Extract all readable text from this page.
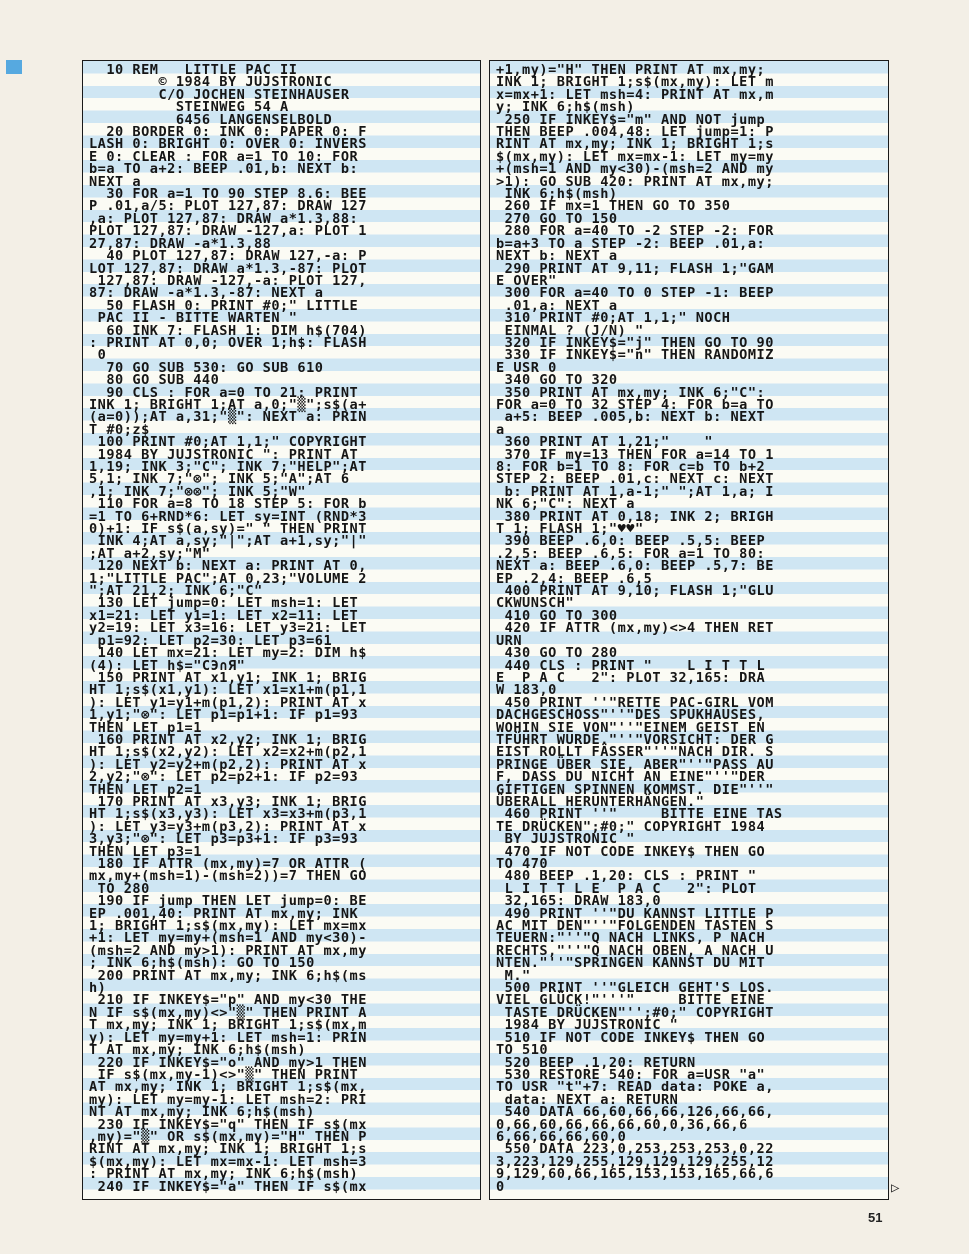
10 REM   LITTLE PAC II
© 1984 BY JUJSTRONIC
C/O JOCHEN STEINHAUSER
STEINWEG 54 A
6456 LANGENSELBOLD
20 BORDER 0: INK 0: PAPER 0: F
LASH 0: BRIGHT 0: OVER 0: INVERS
E 0: CLEAR : FOR a=1 TO 10: FOR
b=a TO a+2: BEEP .01,b: NEXT b:
NEXT a
30 FOR a=1 TO 90 STEP 8.6: BEE
P .01,a/5: PLOT 127,87: DRAW 127
,a: PLOT 127,87: DRAW a*1.3,88:
PLOT 127,87: DRAW -127,a: PLOT 1
27,87: DRAW -a*1.3,88
40 PLOT 127,87: DRAW 127,-a: P
LOT 127,87: DRAW a*1.3,-87: PLOT
127,87: DRAW -127,-a: PLOT 127,
87: DRAW -a*1.3,-87: NEXT a
50 FLASH 0: PRINT #0;" LITTLE
PAC II - BITTE WARTEN "
60 INK 7: FLASH 1: DIM h$(704)
: PRINT AT 0,0; OVER 1;h$: FLASH
0
70 GO SUB 530: GO SUB 610
80 GO SUB 440
90 CLS : FOR a=0 TO 21: PRINT
INK 1; BRIGHT 1;AT a,0;"▒";s$(a+
(a=0));AT a,31;"▒": NEXT a: PRIN
T #0;z$
100 PRINT #0;AT 1,1;" COPYRIGHT
1984 BY JUJSTRONIC ": PRINT AT
1,19; INK 3;"C"; INK 7;"HELP";AT
5,1; INK 7;"⊗"; INK 5;"A";AT 6
,1; INK 7;"⊗⊗"; INK 5;"W"
110 FOR a=8 TO 18 STEP 5: FOR b
=1 TO 6+RND*6: LET sy=INT (RND*3
0)+1: IF s$(a,sy)=" " THEN PRINT
INK 4;AT a,sy;"|";AT a+1,sy;"|"
;AT a+2,sy;"M"
120 NEXT b: NEXT a: PRINT AT 0,
1;"LITTLE PAC";AT 0,23;"VOLUME 2
";AT 21,2; INK 6;"C"
130 LET jump=0: LET msh=1: LET
x1=21: LET y1=1: LET x2=11: LET
y2=19: LET x3=16: LET y3=21: LET
p1=92: LET p2=30: LET p3=61
140 LET mx=21: LET my=2: DIM h$
(4): LET h$="CЭ∩Я"
150 PRINT AT x1,y1; INK 1; BRIG
HT 1;s$(x1,y1): LET x1=x1+m(p1,1
): LET y1=y1+m(p1,2): PRINT AT x
1,y1;"⊗": LET p1=p1+1: IF p1=93
THEN LET p1=1
160 PRINT AT x2,y2; INK 1; BRIG
HT 1;s$(x2,y2): LET x2=x2+m(p2,1
): LET y2=y2+m(p2,2): PRINT AT x
2,y2;"⊗": LET p2=p2+1: IF p2=93
THEN LET p2=1
170 PRINT AT x3,y3; INK 1; BRIG
HT 1;s$(x3,y3): LET x3=x3+m(p3,1
): LET y3=y3+m(p3,2): PRINT AT x
3,y3;"⊗": LET p3=p3+1: IF p3=93
THEN LET p3=1
180 IF ATTR (mx,my)=7 OR ATTR (
mx,my+(msh=1)-(msh=2))=7 THEN GO
TO 280
190 IF jump THEN LET jump=0: BE
EP .001,40: PRINT AT mx,my; INK
1; BRIGHT 1;s$(mx,my): LET mx=mx
+1: LET my=my+(msh=1 AND my<30)-
(msh=2 AND my>1): PRINT AT mx,my
; INK 6;h$(msh): GO TO 150
200 PRINT AT mx,my; INK 6;h$(ms
h)
210 IF INKEY$="p" AND my<30 THE
N IF s$(mx,my)<>"▒" THEN PRINT A
T mx,my; INK 1; BRIGHT 1;s$(mx,m
y): LET my=my+1: LET msh=1: PRIN
T AT mx,my; INK 6;h$(msh)
220 IF INKEY$="o" AND my>1 THEN
IF s$(mx,my-1)<>"▒" THEN PRINT
AT mx,my; INK 1; BRIGHT 1;s$(mx,
my): LET my=my-1: LET msh=2: PRI
NT AT mx,my; INK 6;h$(msh)
230 IF INKEY$="q" THEN IF s$(mx
,my)="▒" OR s$(mx,my)="H" THEN P
RINT AT mx,my; INK 1; BRIGHT 1;s
$(mx,my): LET mx=mx-1: LET msh=3
: PRINT AT mx,my; INK 6;h$(msh)
240 IF INKEY$="a" THEN IF s$(mx
+1,my)="H" THEN PRINT AT mx,my;
INK 1; BRIGHT 1;s$(mx,my): LET m
x=mx+1: LET msh=4: PRINT AT mx,m
y; INK 6;h$(msh)
250 IF INKEY$="m" AND NOT jump
THEN BEEP .004,48: LET jump=1: P
RINT AT mx,my; INK 1; BRIGHT 1;s
$(mx,my): LET mx=mx-1: LET my=my
+(msh=1 AND my<30)-(msh=2 AND my
>1): GO SUB 420: PRINT AT mx,my;
INK 6;h$(msh)
260 IF mx=1 THEN GO TO 350
270 GO TO 150
280 FOR a=40 TO -2 STEP -2: FOR
b=a+3 TO a STEP -2: BEEP .01,a:
NEXT b: NEXT a
290 PRINT AT 9,11; FLASH 1;"GAM
E OVER"
300 FOR a=40 TO 0 STEP -1: BEEP
.01,a: NEXT a
310 PRINT #0;AT 1,1;" NOCH
EINMAL ? (J/N) "
320 IF INKEY$="j" THEN GO TO 90
330 IF INKEY$="n" THEN RANDOMIZ
E USR 0
340 GO TO 320
350 PRINT AT mx,my; INK 6;"C":
FOR a=0 TO 32 STEP 4: FOR b=a TO
a+5: BEEP .005,b: NEXT b: NEXT
a
360 PRINT AT 1,21;"    "
370 IF my=13 THEN FOR a=14 TO 1
8: FOR b=1 TO 8: FOR c=b TO b+2
STEP 2: BEEP .01,c: NEXT c: NEXT
b: PRINT AT 1,a-1;" ";AT 1,a; I
NK 6;"C": NEXT a
380 PRINT AT 0,18; INK 2; BRIGH
T 1; FLASH 1;"♥♥"
390 BEEP .6,0: BEEP .5,5: BEEP
.2,5: BEEP .6,5: FOR a=1 TO 80:
NEXT a: BEEP .6,0: BEEP .5,7: BE
EP .2,4: BEEP .6,5
400 PRINT AT 9,10; FLASH 1;"GLU
CKWUNSCH"
410 GO TO 300
420 IF ATTR (mx,my)<>4 THEN RET
URN
430 GO TO 280
440 CLS : PRINT "    L I T T L
E  P A C   2": PLOT 32,165: DRA
W 183,0
450 PRINT ''"RETTE PAC-GIRL VOM
DACHGESCHOSS"''"DES SPUKHAUSES,
WOHIN SIE VON"''"EINEM GEIST EN
TFÜHRT WURDE."''"VORSICHT: DER G
EIST ROLLT FÄSSER"''"NACH DIR. S
PRINGE ÜBER SIE, ABER"''"PASS AU
F, DASS DU NICHT AN EINE"''"DER
GIFTIGEN SPINNEN KOMMST. DIE"''"
ÜBERALL HERUNTERHÄNGEN."
460 PRINT ''"     BITTE EINE TAS
TE DRÜCKEN";#0;" COPYRIGHT 1984
BY JUJSTRONIC "
470 IF NOT CODE INKEY$ THEN GO
TO 470
480 BEEP .1,20: CLS : PRINT "
L I T T L E  P A C   2": PLOT
32,165: DRAW 183,0
490 PRINT ''"DU KANNST LITTLE P
AC MIT DEN"''"FOLGENDEN TASTEN S
TEUERN:"''"Q NACH LINKS, P NACH
RECHTS,"''"Q NACH OBEN, A NACH U
NTEN."''"SPRINGEN KANNST DU MIT
M."
500 PRINT ''"GLEICH GEHT'S LOS.
VIEL GLÜCK!"'''"     BITTE EINE
TASTE DRÜCKEN"'';#0;" COPYRIGHT
1984 BY JUJSTRONIC "
510 IF NOT CODE INKEY$ THEN GO
TO 510
520 BEEP .1,20: RETURN
530 RESTORE 540: FOR a=USR "a"
TO USR "t"+7: READ data: POKE a,
data: NEXT a: RETURN
540 DATA 66,60,66,66,126,66,66,
0,66,60,66,66,66,60,0,36,66,6
6,66,66,66,60,0
550 DATA 223,0,253,253,253,0,22
3,223,129,255,129,129,129,255,12
9,129,60,66,165,153,153,165,66,6
0	▷
51
